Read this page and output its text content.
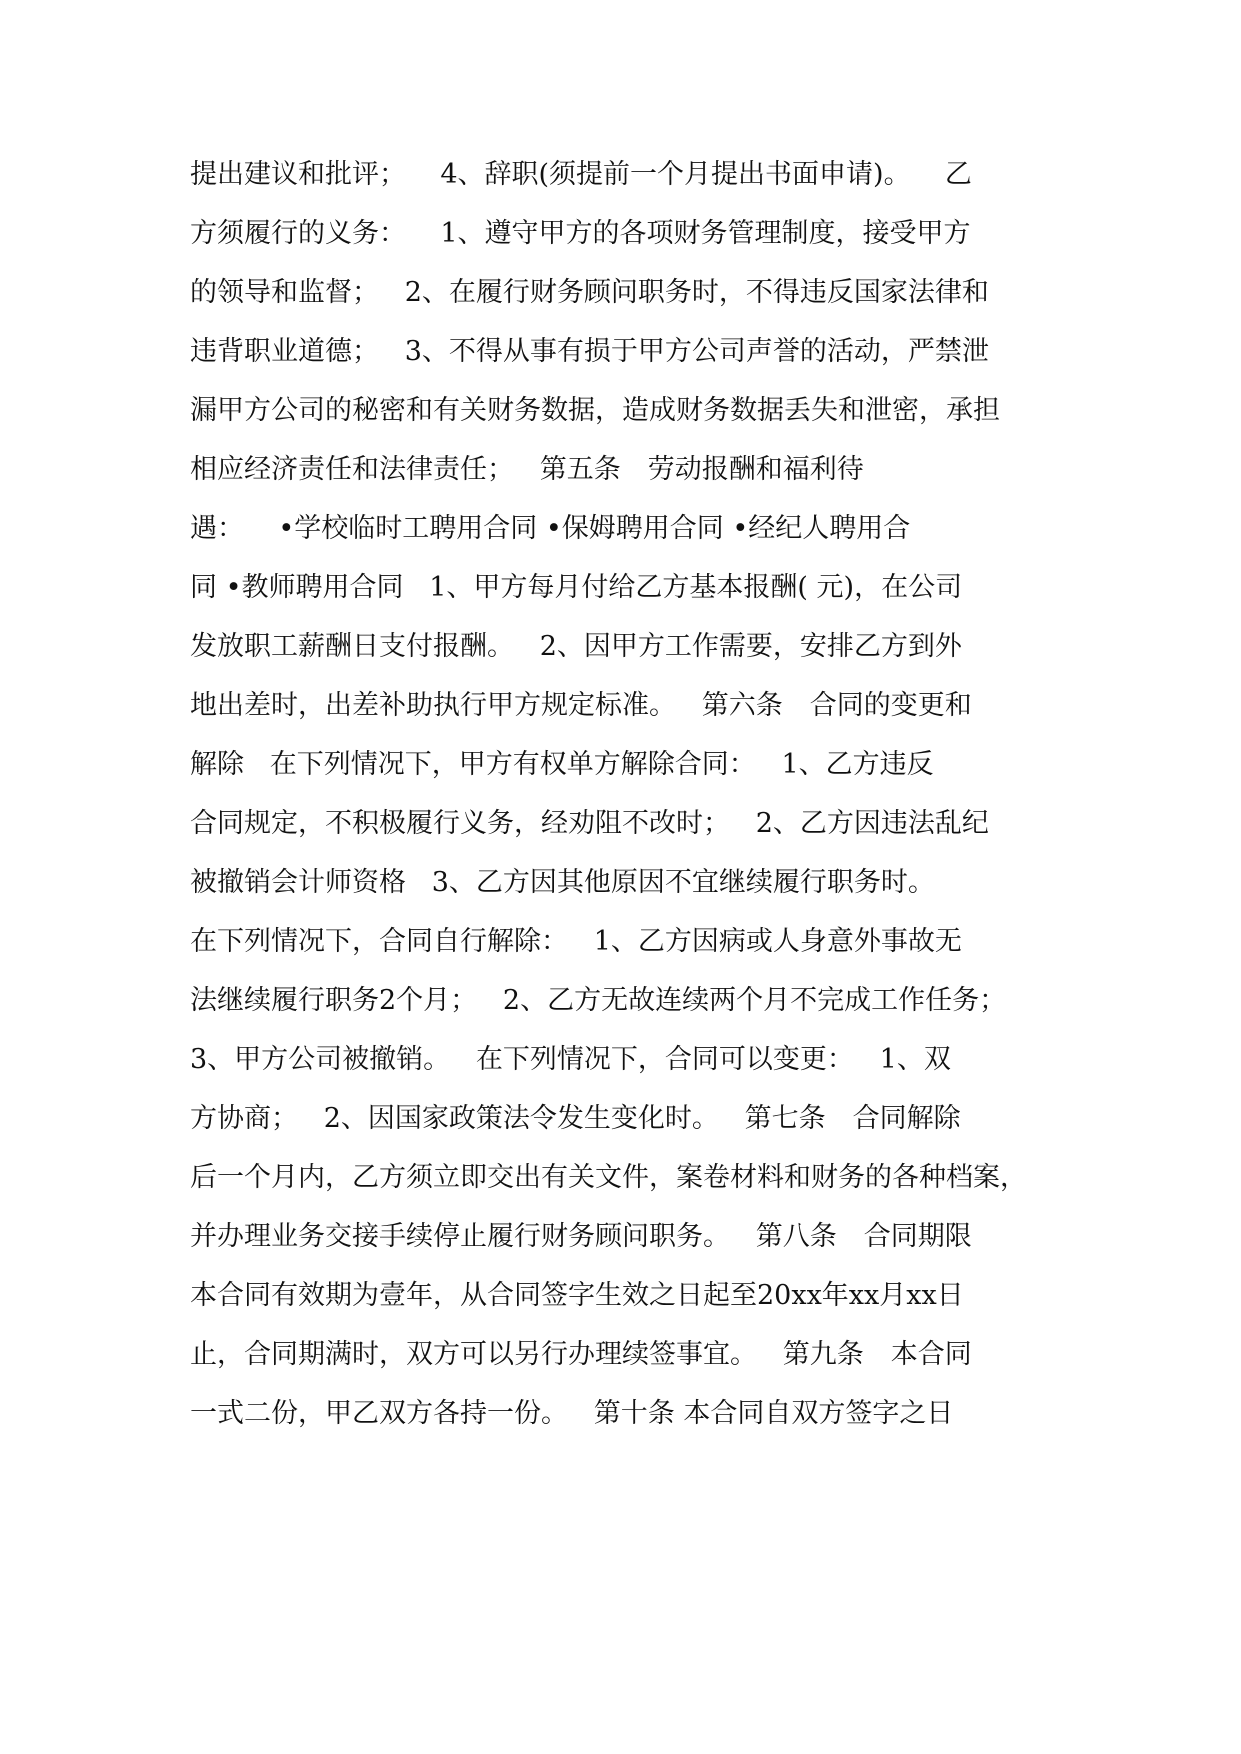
提出建议和批评；    4、辞职(须提前一个月提出书面申请)。    乙
方须履行的义务：    1、遵守甲方的各项财务管理制度，接受甲方
的领导和监督；   2、在履行财务顾问职务时，不得违反国家法律和
违背职业道德；   3、不得从事有损于甲方公司声誉的活动，严禁泄
漏甲方公司的秘密和有关财务数据，造成财务数据丢失和泄密，承担
相应经济责任和法律责任；   第五条　劳动报酬和福利待
遇：    •学校临时工聘用合同 •保姆聘用合同 •经纪人聘用合
同 •教师聘用合同   1、甲方每月付给乙方基本报酬( 元)，在公司
发放职工薪酬日支付报酬。   2、因甲方工作需要，安排乙方到外
地出差时，出差补助执行甲方规定标准。   第六条　合同的变更和
解除   在下列情况下，甲方有权单方解除合同：   1、乙方违反
合同规定，不积极履行义务，经劝阻不改时；   2、乙方因违法乱纪
被撤销会计师资格   3、乙方因其他原因不宜继续履行职务时。
在下列情况下，合同自行解除：   1、乙方因病或人身意外事故无
法继续履行职务2个月；   2、乙方无故连续两个月不完成工作任务；
3、甲方公司被撤销。   在下列情况下，合同可以变更：   1、双
方协商；   2、因国家政策法令发生变化时。   第七条　合同解除
后一个月内，乙方须立即交出有关文件，案卷材料和财务的各种档案，
并办理业务交接手续停止履行财务顾问职务。   第八条　合同期限
本合同有效期为壹年，从合同签字生效之日起至20xx年xx月xx日
止，合同期满时，双方可以另行办理续签事宜。   第九条　本合同
一式二份，甲乙双方各持一份。   第十条 本合同自双方签字之日
